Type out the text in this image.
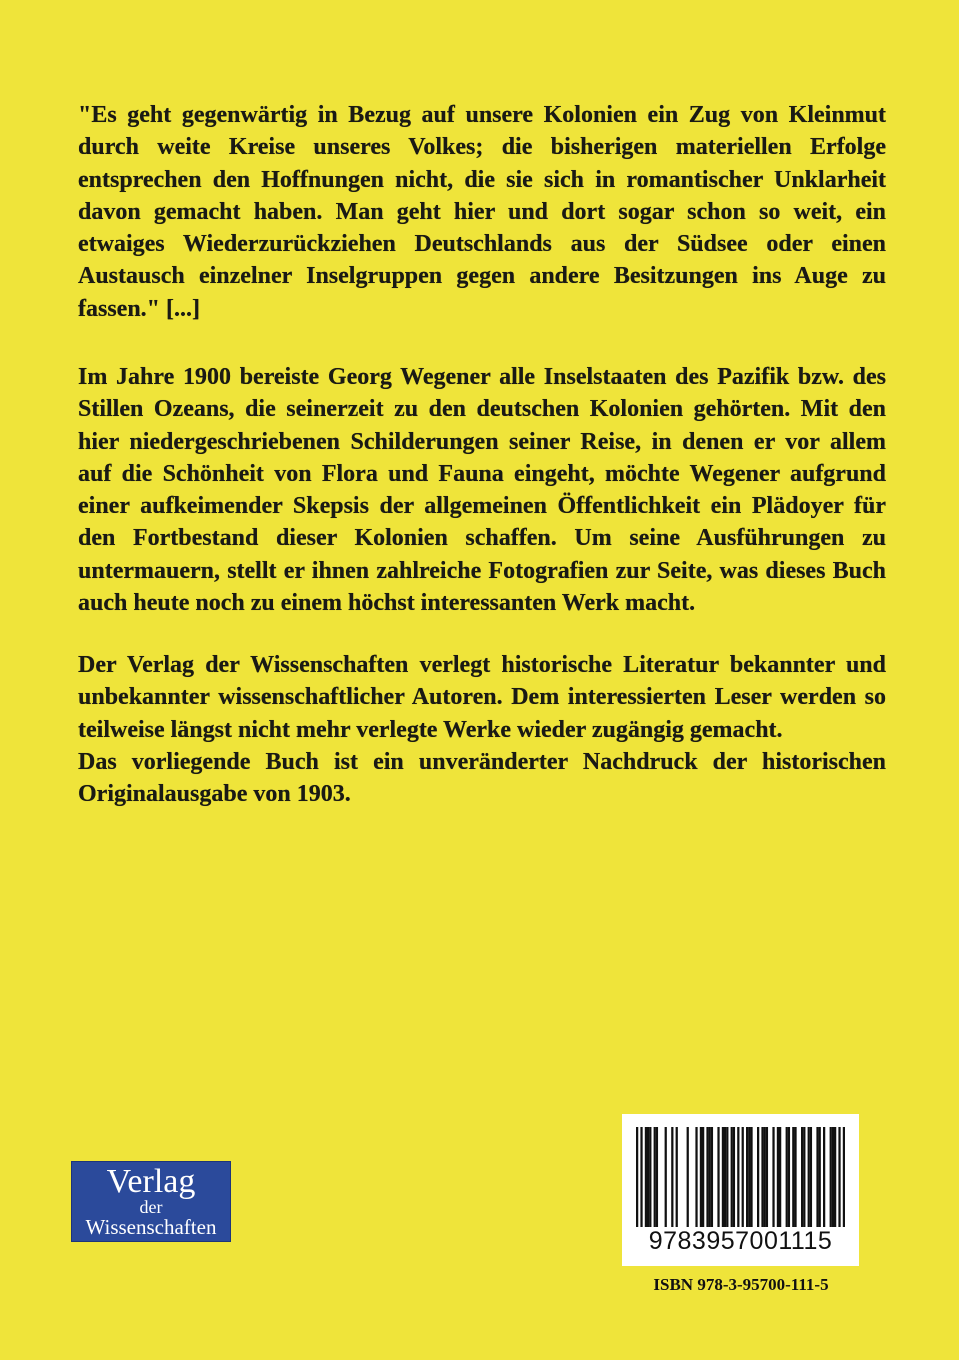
"Es geht gegenwärtig in Bezug auf unsere Kolonien ein Zug von Kleinmut
durch weite Kreise unseres Volkes; die bisherigen materiellen Erfolge
entsprechen den Hoffnungen nicht, die sie sich in romantischer Unklarheit
davon gemacht haben. Man geht hier und dort sogar schon so weit, ein
etwaiges Wiederzurückziehen Deutschlands aus der Südsee oder einen
Austausch einzelner Inselgruppen gegen andere Besitzungen ins Auge zu
fassen." [...]

Im Jahre 1900 bereiste Georg Wegener alle Inselstaaten des Pazifik bzw. des
Stillen Ozeans, die seinerzeit zu den deutschen Kolonien gehörten. Mit den
hier niedergeschriebenen Schilderungen seiner Reise, in denen er vor allem
auf die Schönheit von Flora und Fauna eingeht, möchte Wegener aufgrund
einer aufkeimender Skepsis der allgemeinen Öffentlichkeit ein Plädoyer für
den Fortbestand dieser Kolonien schaffen. Um seine Ausführungen zu
untermauern, stellt er ihnen zahlreiche Fotografien zur Seite, was dieses Buch
auch heute noch zu einem höchst interessanten Werk macht.

Der Verlag der Wissenschaften verlegt historische Literatur bekannter und
unbekannter wissenschaftlicher Autoren. Dem interessierten Leser werden so
teilweise längst nicht mehr verlegte Werke wieder zugängig gemacht.
Das vorliegende Buch ist ein unveränderter Nachdruck der historischen
Originalausgabe von 1903.

Verlag
der
Wissenschaften	9783957001115
ISBN 978-3-95700-111-5
